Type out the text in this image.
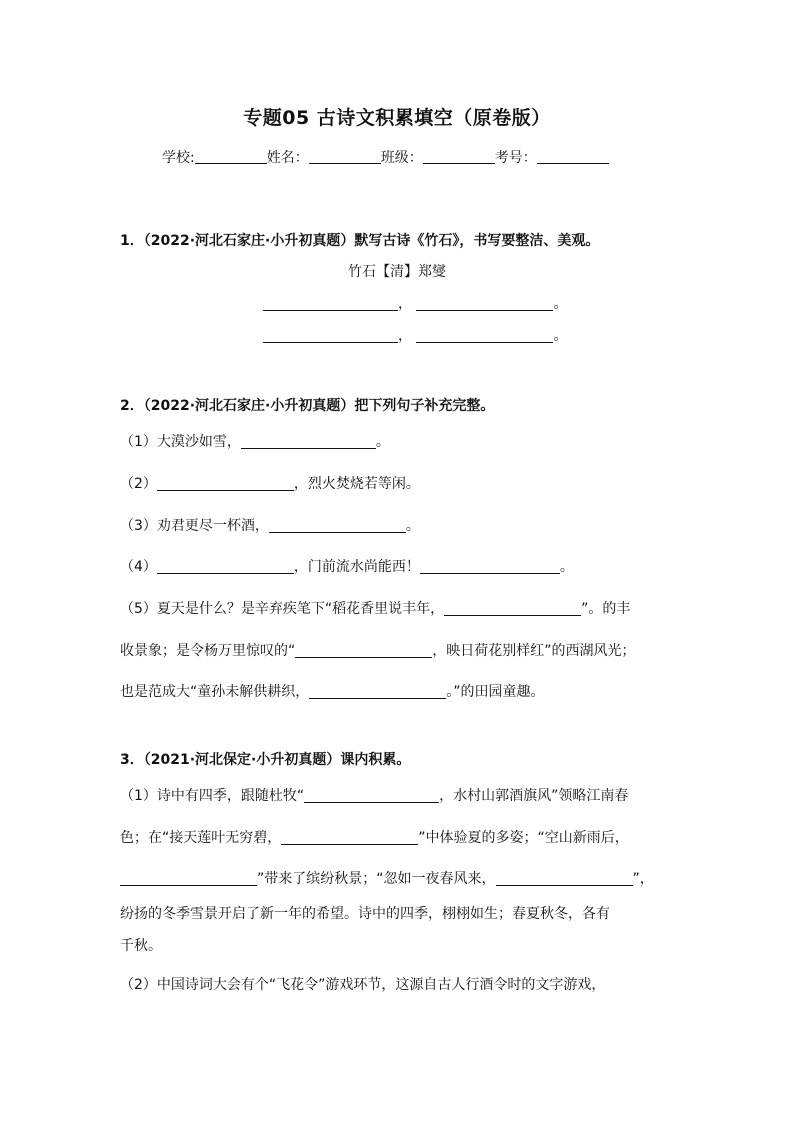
专题05 古诗文积累填空（原卷版）
学校:	姓名：	班级：	考号：
1．（2022·河北石家庄·小升初真题）默写古诗《竹石》，书写要整洁、美观。
竹石【清】郑燮
，	。
，	。
2．（2022·河北石家庄·小升初真题）把下列句子补充完整。
（1）大漠沙如雪，	。
（2）	，烈火焚烧若等闲。
（3）劝君更尽一杯酒，	。
（4）	，门前流水尚能西！	。
（5）夏天是什么？是辛弃疾笔下“稻花香里说丰年，	”。的丰
收景象；是令杨万里惊叹的“	，映日荷花别样红”的西湖风光；
也是范成大“童孙未解供耕织，	。”的田园童趣。
3．（2021·河北保定·小升初真题）课内积累。
（1）诗中有四季，跟随杜牧“	，水村山郭酒旗风”领略江南春
色；在“接天莲叶无穷碧，	”中体验夏的多姿；“空山新雨后，
”带来了缤纷秋景；“忽如一夜春风来，	”，
纷扬的冬季雪景开启了新一年的希望。诗中的四季，栩栩如生；春夏秋冬，各有
千秋。
（2）中国诗词大会有个“飞花令”游戏环节，这源自古人行酒令时的文字游戏，
